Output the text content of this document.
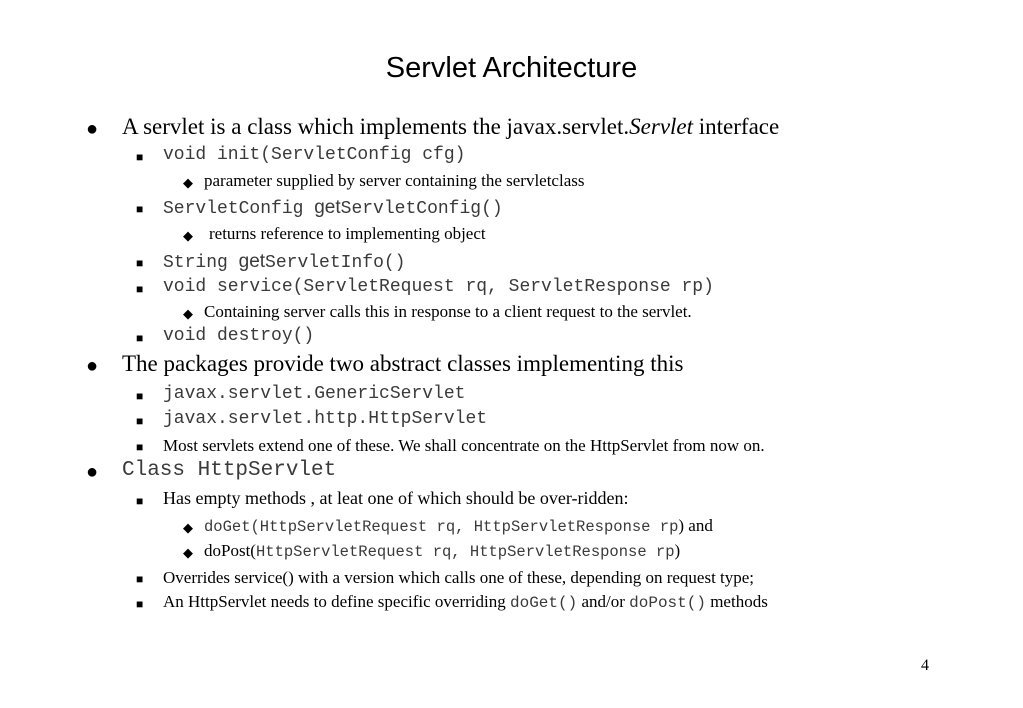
Servlet Architecture
● A servlet is a class which implements the javax.servlet.Servlet interface
■ void init(ServletConfig cfg)
◆ parameter supplied by server containing the servletclass
■ ServletConfig getServletConfig()
◆ returns reference to implementing object
■ String getServletInfo()
■ void service(ServletRequest rq, ServletResponse rp)
◆ Containing server calls this in response to a client request to the servlet.
■ void destroy()
● The packages provide two abstract classes implementing this
■ javax.servlet.GenericServlet
■ javax.servlet.http.HttpServlet
■ Most servlets extend one of these. We shall concentrate on the HttpServlet from now on.
● Class HttpServlet
■ Has empty methods , at leat one of which should be over-ridden:
◆ doGet(HttpServletRequest rq, HttpServletResponse rp) and
◆ doPost(HttpServletRequest rq, HttpServletResponse rp)
■ Overrides service() with a version which calls one of these, depending on request type;
■ An HttpServlet needs to define specific overriding doGet() and/or doPost() methods
4
